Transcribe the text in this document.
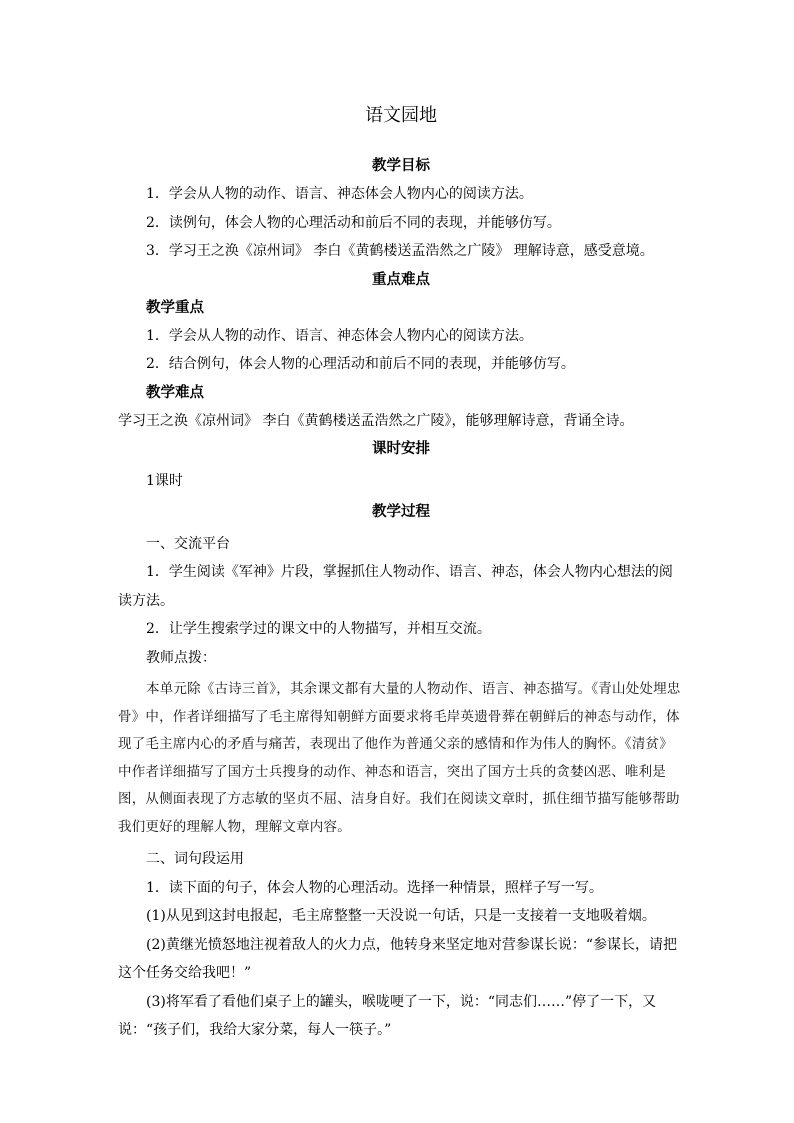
语文园地
教学目标

1．学会从人物的动作、语言、神态体会人物内心的阅读方法。

2．读例句，体会人物的心理活动和前后不同的表现，并能够仿写。

3．学习王之涣《凉州词》 李白《黄鹤楼送孟浩然之广陵》 理解诗意，感受意境。

重点难点
教学重点

1．学会从人物的动作、语言、神态体会人物内心的阅读方法。

2．结合例句，体会人物的心理活动和前后不同的表现，并能够仿写。

教学难点

学习王之涣《凉州词》 李白《黄鹤楼送孟浩然之广陵》，能够理解诗意，背诵全诗。

课时安排

1课时

教学过程

一、交流平台

1．学生阅读《军神》片段，掌握抓住人物动作、语言、神态，体会人物内心想法的阅读方法。

2．让学生搜索学过的课文中的人物描写，并相互交流。

教师点拨：

本单元除《古诗三首》，其余课文都有大量的人物动作、语言、神态描写。《青山处处埋忠骨》中，作者详细描写了毛主席得知朝鲜方面要求将毛岸英遗骨葬在朝鲜后的神态与动作，体现了毛主席内心的矛盾与痛苦，表现出了他作为普通父亲的感情和作为伟人的胸怀。《清贫》中作者详细描写了国方士兵搜身的动作、神态和语言，突出了国方士兵的贪婪凶恶、唯利是图，从侧面表现了方志敏的坚贞不屈、洁身自好。我们在阅读文章时，抓住细节描写能够帮助我们更好的理解人物，理解文章内容。

二、词句段运用

1．读下面的句子，体会人物的心理活动。选择一种情景，照样子写一写。

(1)从见到这封电报起，毛主席整整一天没说一句话，只是一支接着一支地吸着烟。

(2)黄继光愤怒地注视着敌人的火力点，他转身来坚定地对营参谋长说：“参谋长，请把这个任务交给我吧！”

(3)将军看了看他们桌子上的罐头，喉咙哽了一下，说：“同志们……”停了一下，又说：“孩子们，我给大家分菜，每人一筷子。”
